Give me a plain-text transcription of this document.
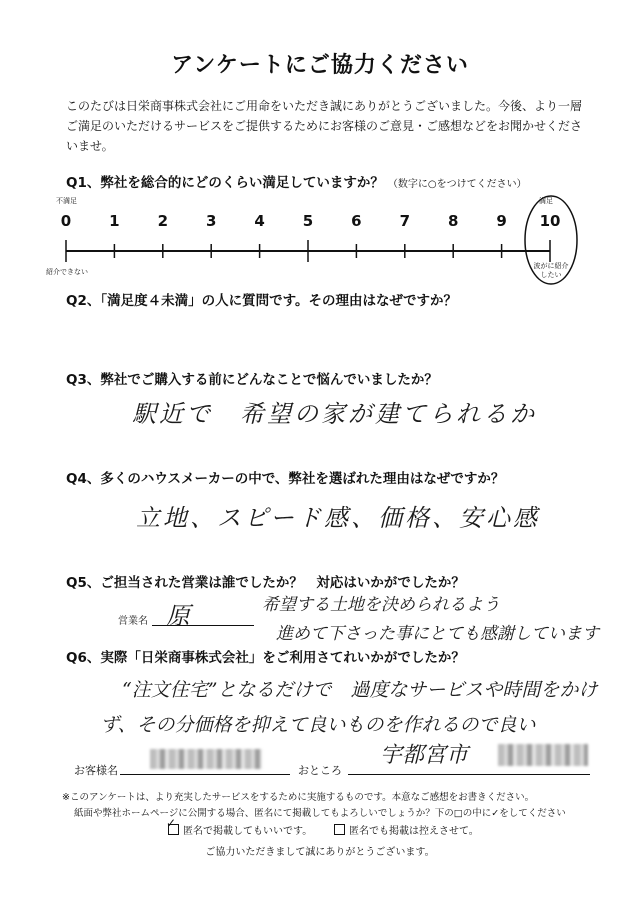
アンケートにご協力ください
このたびは日栄商事株式会社にご用命をいただき誠にありがとうございました。今後、より一層ご満足のいただけるサービスをご提供するためにお客様のご意見・ご感想などをお聞かせくださいませ。
Q1、弊社を総合的にどのくらい満足していますか？ （数字に○をつけてください）
不満足	満足
0	1	2	3	4	5	6	7	8	9	10
紹介できない
波がに紹介したい
Q2、「満足度４未満」の人に質問です。その理由はなぜですか？
Q3、弊社でご購入する前にどんなことで悩んでいましたか？
駅近で　希望の家が建てられるか
Q4、多くのハウスメーカーの中で、弊社を選ばれた理由はなぜですか？
立地、スピード感、価格、安心感
Q5、ご担当された営業は誰でしたか？　対応はいかがでしたか？
営業名 原	希望する土地を決められるよう
進めて下さった事にとても感謝しています
Q6、実際「日栄商事株式会社」をご利用さてれいかがでしたか？
“注文住宅”となるだけで　過度なサービスや時間をかけ
ず、その分価格を抑えて良いものを作れるので良い
お客様名	おところ
宇都宮市
※このアンケートは、より充実したサービスをするために実施するものです。本意なご感想をお書きください。
紙面や弊社ホームページに公開する場合、匿名にて掲載してもよろしいでしょうか？下の□の中に✓をしてください
✓
匿名で掲載してもいいです。	匿名でも掲載は控えさせて。
ご協力いただきまして誠にありがとうございます。
